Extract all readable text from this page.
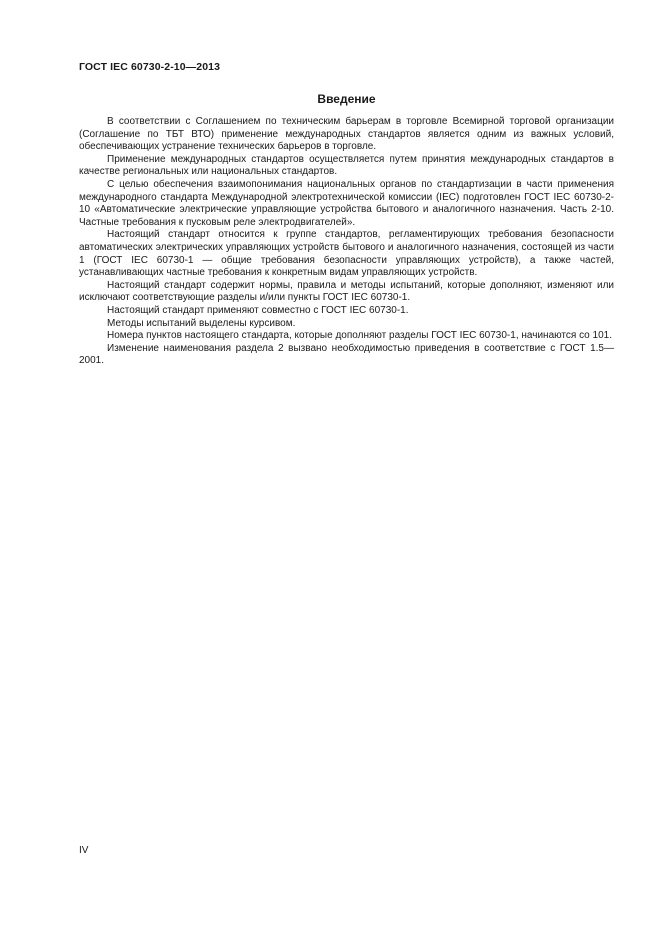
ГОСТ IEC 60730-2-10—2013
Введение

В соответствии с Соглашением по техническим барьерам в торговле Всемирной торговой организации (Соглашение по ТБТ ВТО) применение международных стандартов является одним из важных условий, обеспечивающих устранение технических барьеров в торговле.

Применение международных стандартов осуществляется путем принятия международных стандартов в качестве региональных или национальных стандартов.

С целью обеспечения взаимопонимания национальных органов по стандартизации в части применения международного стандарта Международной электротехнической комиссии (IEC) подготовлен ГОСТ IEC 60730-2-10 «Автоматические электрические управляющие устройства бытового и аналогичного назначения. Часть 2-10. Частные требования к пусковым реле электродвигателей».

Настоящий стандарт относится к группе стандартов, регламентирующих требования безопасности автоматических электрических управляющих устройств бытового и аналогичного назначения, состоящей из части 1 (ГОСТ IEC 60730-1 — общие требования безопасности управляющих устройств), а также частей, устанавливающих частные требования к конкретным видам управляющих устройств.

Настоящий стандарт содержит нормы, правила и методы испытаний, которые дополняют, изменяют или исключают соответствующие разделы и/или пункты ГОСТ IEC 60730-1.

Настоящий стандарт применяют совместно с ГОСТ IEC 60730-1.

Методы испытаний выделены курсивом.

Номера пунктов настоящего стандарта, которые дополняют разделы ГОСТ IEC 60730-1, начинаются со 101.

Изменение наименования раздела 2 вызвано необходимостью приведения в соответствие с ГОСТ 1.5—2001.

IV
